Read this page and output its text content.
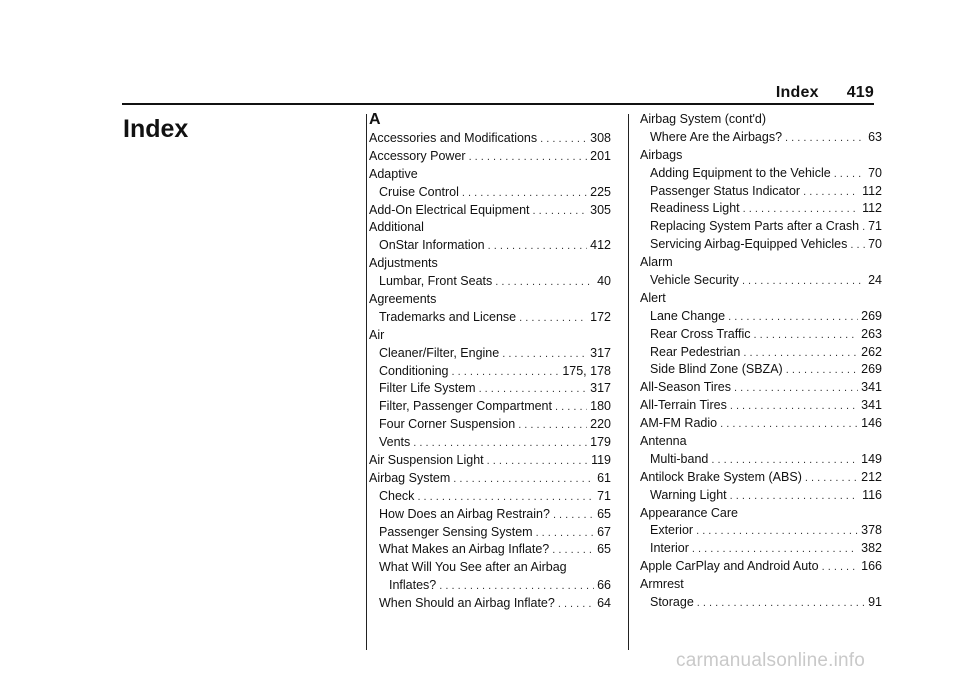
Index 419
Index	A
Accessories and Modifications . . .	308
Accessory Power . . .	201
Adaptive
Cruise Control . . .	225
Add-On Electrical Equipment . . .	305
Additional
OnStar Information . . .	412
Adjustments
Lumbar, Front Seats . . .	40
Agreements
Trademarks and License . . .	172
Air
Cleaner/Filter, Engine . . .	317
Conditioning . . .	175, 178
Filter Life System . . .	317
Filter, Passenger Compartment . . .	180
Four Corner Suspension . . .	220
Vents . . .	179
Air Suspension Light . . .	119
Airbag System . . .	61
Check . . .	71
How Does an Airbag Restrain? . . .	65
Passenger Sensing System . . .	67
What Makes an Airbag Inflate? . . .	65
What Will You See after an Airbag
Inflates? . . .	66
When Should an Airbag Inflate? . . .	64
Airbag System (cont'd)
Where Are the Airbags? . . .	63
Airbags
Adding Equipment to the Vehicle . . .	70
Passenger Status Indicator . . .	112
Readiness Light . . .	112
Replacing System Parts after a Crash . . . 71
Servicing Airbag-Equipped Vehicles . . . 70
Alarm
Vehicle Security . . .	24
Alert
Lane Change . . .	269
Rear Cross Traffic . . .	263
Rear Pedestrian . . .	262
Side Blind Zone (SBZA) . . .	269
All-Season Tires . . .	341
All-Terrain Tires . . .	341
AM-FM Radio . . .	146
Antenna
Multi-band . . .	149
Antilock Brake System (ABS) . . .	212
Warning Light . . .	116
Appearance Care
Exterior . . .	378
Interior . . .	382
Apple CarPlay and Android Auto . . .	166
Armrest
Storage . . .	91
carmanualsonline.info
